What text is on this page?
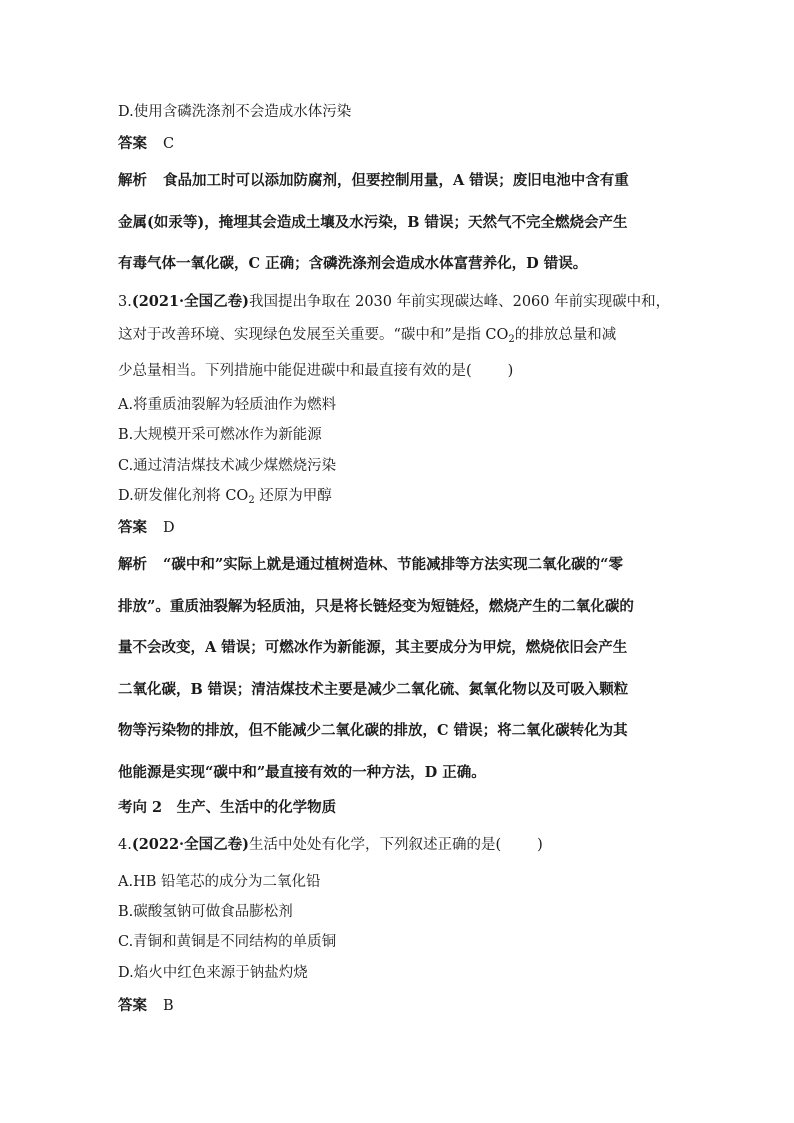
D.使用含磷洗涤剂不会造成水体污染
答案 C
解析 食品加工时可以添加防腐剂，但要控制用量，A 错误；废旧电池中含有重
金属(如汞等)，掩埋其会造成土壤及水污染，B 错误；天然气不完全燃烧会产生
有毒气体一氧化碳，C 正确；含磷洗涤剂会造成水体富营养化，D 错误。
3.(2021·全国乙卷)我国提出争取在 2030 年前实现碳达峰、2060 年前实现碳中和，
这对于改善环境、实现绿色发展至关重要。“碳中和”是指 $CO_2$的排放总量和减
少总量相当。下列措施中能促进碳中和最直接有效的是( )
A.将重质油裂解为轻质油作为燃料
B.大规模开采可燃冰作为新能源
C.通过清洁煤技术减少煤燃烧污染
D.研发催化剂将 $CO_2$ 还原为甲醇
答案 D
解析 “碳中和”实际上就是通过植树造林、节能减排等方法实现二氧化碳的“零
排放”。重质油裂解为轻质油，只是将长链烃变为短链烃，燃烧产生的二氧化碳的
量不会改变，A 错误；可燃冰作为新能源，其主要成分为甲烷，燃烧依旧会产生
二氧化碳，B 错误；清洁煤技术主要是减少二氧化硫、氮氧化物以及可吸入颗粒
物等污染物的排放，但不能减少二氧化碳的排放，C 错误；将二氧化碳转化为其
他能源是实现“碳中和”最直接有效的一种方法，D 正确。
考向 2　生产、生活中的化学物质
4.(2022·全国乙卷)生活中处处有化学，下列叙述正确的是( )
A.HB 铅笔芯的成分为二氧化铅
B.碳酸氢钠可做食品膨松剂
C.青铜和黄铜是不同结构的单质铜
D.焰火中红色来源于钠盐灼烧
答案 B
